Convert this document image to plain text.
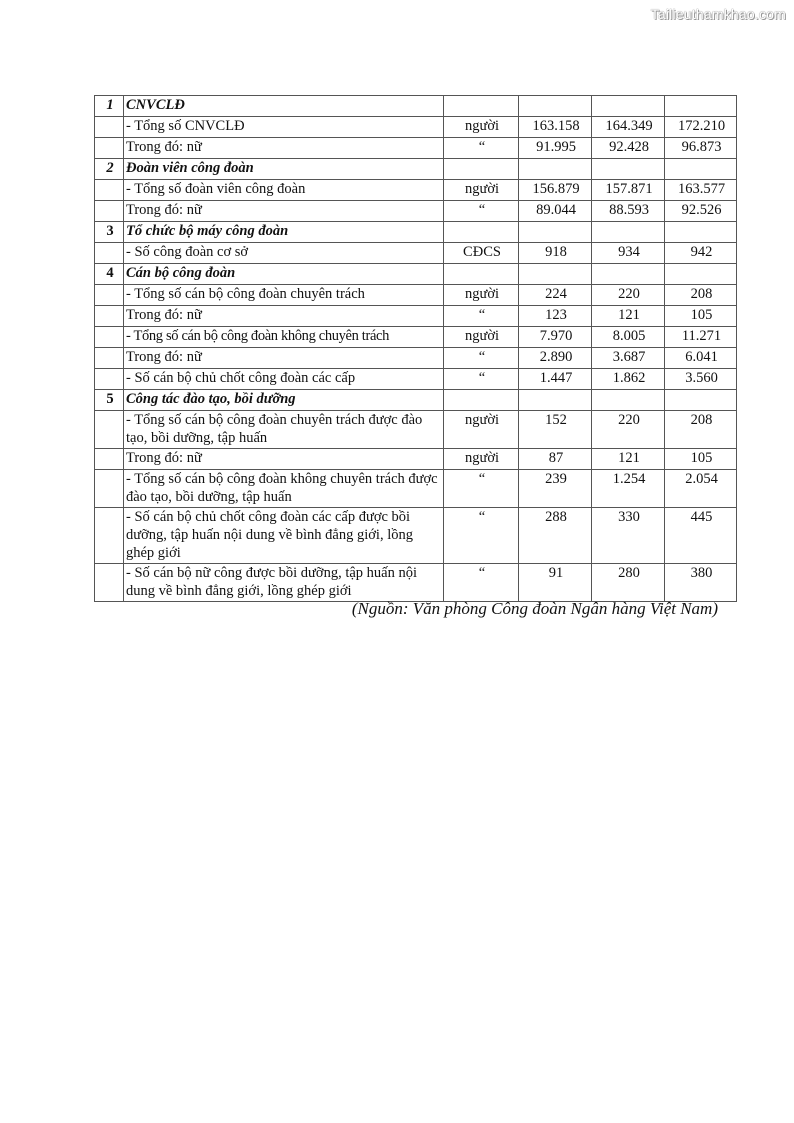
Tailieuthamkhao.com
1	CNVCLĐ				
	- Tổng số CNVCLĐ	người	163.158	164.349	172.210
	Trong đó: nữ	“	91.995	92.428	96.873
2	Đoàn viên công đoàn				
	- Tổng số đoàn viên công đoàn	người	156.879	157.871	163.577
	Trong đó: nữ	“	89.044	88.593	92.526
3	Tổ chức bộ máy công đoàn				
	- Số công đoàn cơ sở	CĐCS	918	934	942
4	Cán bộ công đoàn				
	- Tổng số cán bộ công đoàn chuyên trách	người	224	220	208
	Trong đó: nữ	“	123	121	105
	- Tổng số cán bộ công đoàn không chuyên trách	người	7.970	8.005	11.271
	Trong đó: nữ	“	2.890	3.687	6.041
	- Số cán bộ chủ chốt công đoàn các cấp	“	1.447	1.862	3.560
5	Công tác đào tạo, bồi dưỡng				
	- Tổng số cán bộ công đoàn chuyên trách được đào tạo, bồi dưỡng, tập huấn	người	152	220	208
	Trong đó: nữ	người	87	121	105
	- Tổng số cán bộ công đoàn không chuyên trách được đào tạo, bồi dưỡng, tập huấn	“	239	1.254	2.054
	- Số cán bộ chủ chốt công đoàn các cấp được bồi dưỡng, tập huấn nội dung về bình đẳng giới, lồng ghép giới	“	288	330	445
	- Số cán bộ nữ công được bồi dưỡng, tập huấn nội dung về bình đẳng giới, lồng ghép giới	“	91	280	380
(Nguồn: Văn phòng Công đoàn Ngân hàng Việt Nam)
